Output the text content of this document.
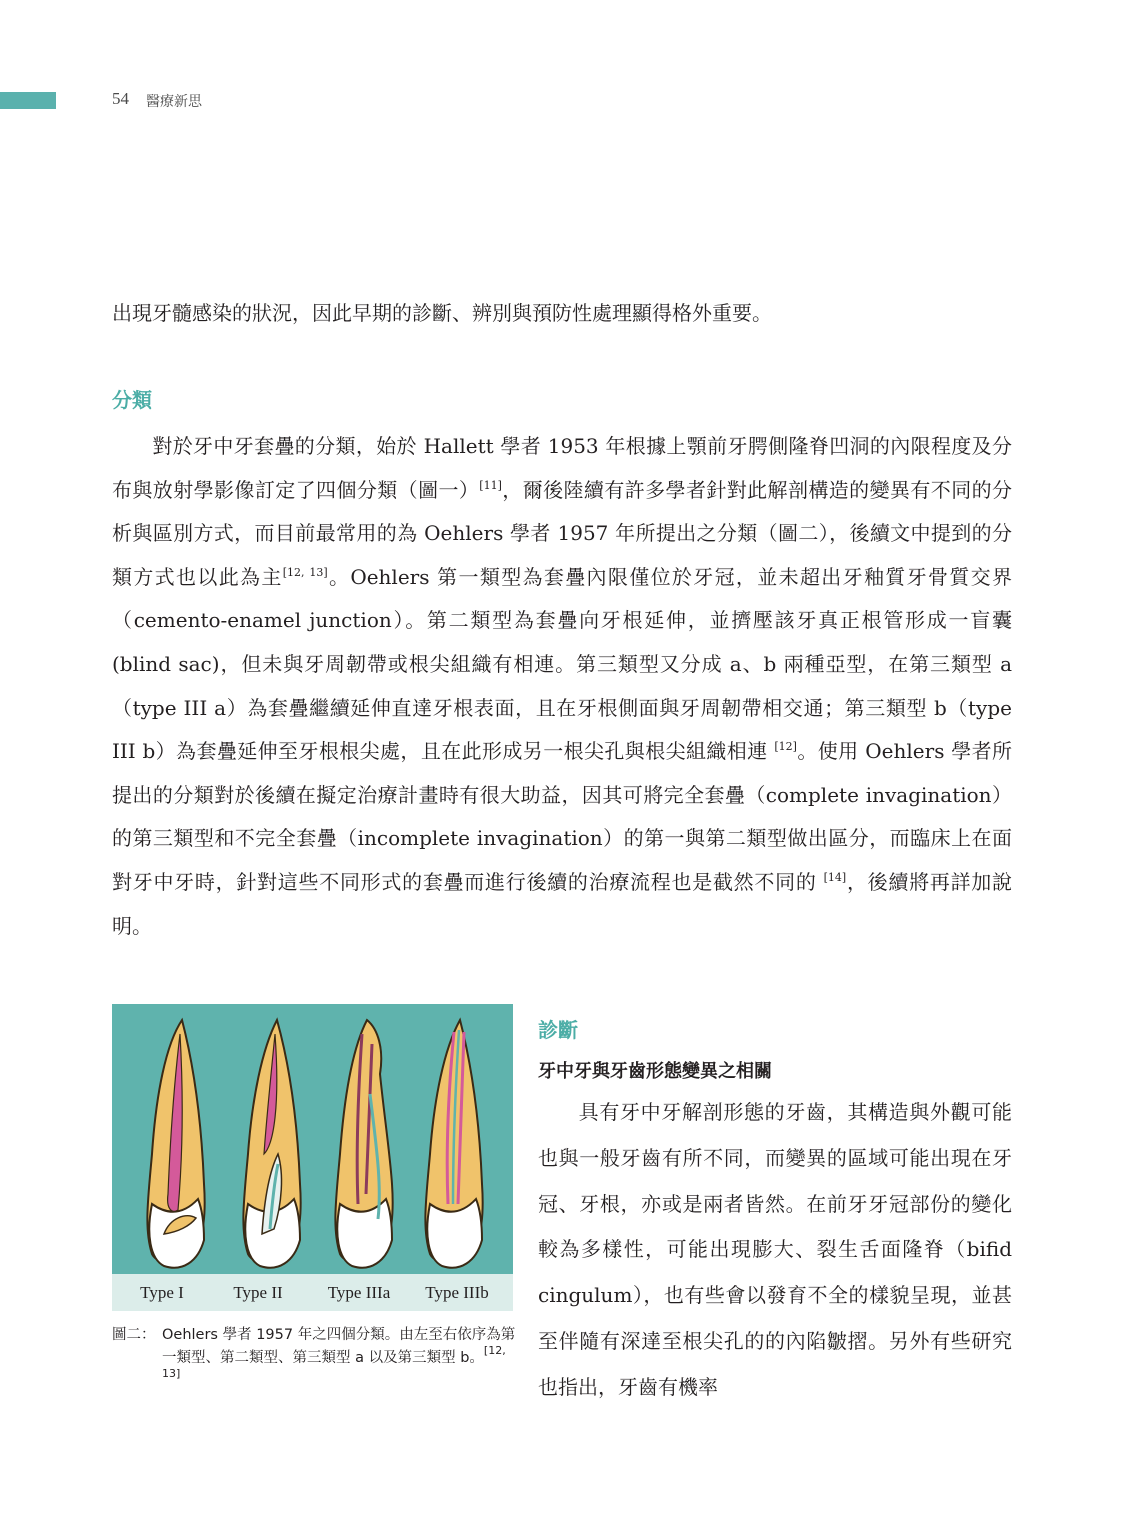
54 醫療新思

出現牙髓感染的狀況，因此早期的診斷、辨別與預防性處理顯得格外重要。

分類

對於牙中牙套疊的分類，始於 Hallett 學者 1953 年根據上顎前牙腭側隆脊凹洞的內限程度及分布與放射學影像訂定了四個分類（圖一）[11]，爾後陸續有許多學者針對此解剖構造的變異有不同的分析與區別方式，而目前最常用的為 Oehlers 學者 1957 年所提出之分類（圖二），後續文中提到的分類方式也以此為主[12, 13]。Oehlers 第一類型為套疊內限僅位於牙冠，並未超出牙釉質牙骨質交界（cemento-enamel junction）。第二類型為套疊向牙根延伸，並擠壓該牙真正根管形成一盲囊 (blind sac)，但未與牙周韌帶或根尖組織有相連。第三類型又分成 a、b 兩種亞型，在第三類型 a（type III a）為套疊繼續延伸直達牙根表面，且在牙根側面與牙周韌帶相交通；第三類型 b（type III b）為套疊延伸至牙根根尖處，且在此形成另一根尖孔與根尖組織相連 [12]。使用 Oehlers 學者所提出的分類對於後續在擬定治療計畫時有很大助益，因其可將完全套疊（complete invagination）的第三類型和不完全套疊（incomplete invagination）的第一與第二類型做出區分，而臨床上在面對牙中牙時，針對這些不同形式的套疊而進行後續的治療流程也是截然不同的 [14]，後續將再詳加說明。

Type I	Type II	Type IIIa Type IIIb
圖二： Oehlers 學者 1957 年之四個分類。由左至右依序為第一類型、第二類型、第三類型 a 以及第三類型 b。[12, 13]
診斷
牙中牙與牙齒形態變異之相關

具有牙中牙解剖形態的牙齒，其構造與外觀可能也與一般牙齒有所不同，而變異的區域可能出現在牙冠、牙根，亦或是兩者皆然。在前牙牙冠部份的變化較為多樣性，可能出現膨大、裂生舌面隆脊（bifid cingulum），也有些會以發育不全的樣貌呈現，並甚至伴隨有深達至根尖孔的的內陷皺摺。另外有些研究也指出，牙齒有機率
